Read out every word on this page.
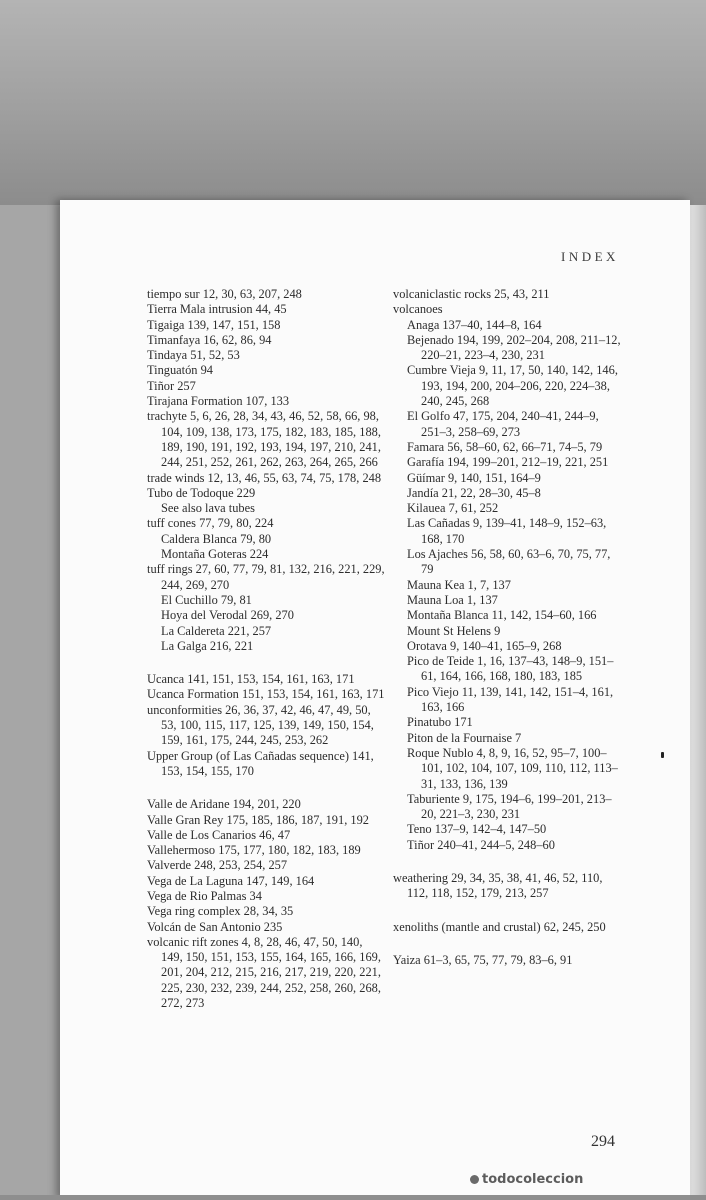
INDEX
tiempo sur 12, 30, 63, 207, 248
Tierra Mala intrusion 44, 45
Tigaiga 139, 147, 151, 158
Timanfaya 16, 62, 86, 94
Tindaya 51, 52, 53
Tinguatón 94
Tiñor 257
Tirajana Formation 107, 133
trachyte 5, 6, 26, 28, 34, 43, 46, 52, 58, 66, 98, 104, 109, 138, 173, 175, 182, 183, 185, 188, 189, 190, 191, 192, 193, 194, 197, 210, 241, 244, 251, 252, 261, 262, 263, 264, 265, 266
trade winds 12, 13, 46, 55, 63, 74, 75, 178, 248
Tubo de Todoque 229
See also lava tubes
tuff cones 77, 79, 80, 224
Caldera Blanca 79, 80
Montaña Goteras 224
tuff rings 27, 60, 77, 79, 81, 132, 216, 221, 229, 244, 269, 270
El Cuchillo 79, 81
Hoya del Verodal 269, 270
La Caldereta 221, 257
La Galga 216, 221
Ucanca 141, 151, 153, 154, 161, 163, 171
Ucanca Formation 151, 153, 154, 161, 163, 171
unconformities 26, 36, 37, 42, 46, 47, 49, 50, 53, 100, 115, 117, 125, 139, 149, 150, 154, 159, 161, 175, 244, 245, 253, 262
Upper Group (of Las Cañadas sequence) 141, 153, 154, 155, 170
Valle de Aridane 194, 201, 220
Valle Gran Rey 175, 185, 186, 187, 191, 192
Valle de Los Canarios 46, 47
Vallehermoso 175, 177, 180, 182, 183, 189
Valverde 248, 253, 254, 257
Vega de La Laguna 147, 149, 164
Vega de Rio Palmas 34
Vega ring complex 28, 34, 35
Volcán de San Antonio 235
volcanic rift zones 4, 8, 28, 46, 47, 50, 140, 149, 150, 151, 153, 155, 164, 165, 166, 169, 201, 204, 212, 215, 216, 217, 219, 220, 221, 225, 230, 232, 239, 244, 252, 258, 260, 268, 272, 273
volcaniclastic rocks 25, 43, 211
volcanoes
Anaga 137–40, 144–8, 164
Bejenado 194, 199, 202–204, 208, 211–12, 220–21, 223–4, 230, 231
Cumbre Vieja 9, 11, 17, 50, 140, 142, 146, 193, 194, 200, 204–206, 220, 224–38, 240, 245, 268
El Golfo 47, 175, 204, 240–41, 244–9, 251–3, 258–69, 273
Famara 56, 58–60, 62, 66–71, 74–5, 79
Garafía 194, 199–201, 212–19, 221, 251
Güímar 9, 140, 151, 164–9
Jandía 21, 22, 28–30, 45–8
Kilauea 7, 61, 252
Las Cañadas 9, 139–41, 148–9, 152–63, 168, 170
Los Ajaches 56, 58, 60, 63–6, 70, 75, 77, 79
Mauna Kea 1, 7, 137
Mauna Loa 1, 137
Montaña Blanca 11, 142, 154–60, 166
Mount St Helens 9
Orotava 9, 140–41, 165–9, 268
Pico de Teide 1, 16, 137–43, 148–9, 151–61, 164, 166, 168, 180, 183, 185
Pico Viejo 11, 139, 141, 142, 151–4, 161, 163, 166
Pinatubo 171
Piton de la Fournaise 7
Roque Nublo 4, 8, 9, 16, 52, 95–7, 100–101, 102, 104, 107, 109, 110, 112, 113–31, 133, 136, 139
Taburiente 9, 175, 194–6, 199–201, 213–20, 221–3, 230, 231
Teno 137–9, 142–4, 147–50
Tiñor 240–41, 244–5, 248–60
weathering 29, 34, 35, 38, 41, 46, 52, 110, 112, 118, 152, 179, 213, 257
xenoliths (mantle and crustal) 62, 245, 250
Yaiza 61–3, 65, 75, 77, 79, 83–6, 91
294
todocoleccion
